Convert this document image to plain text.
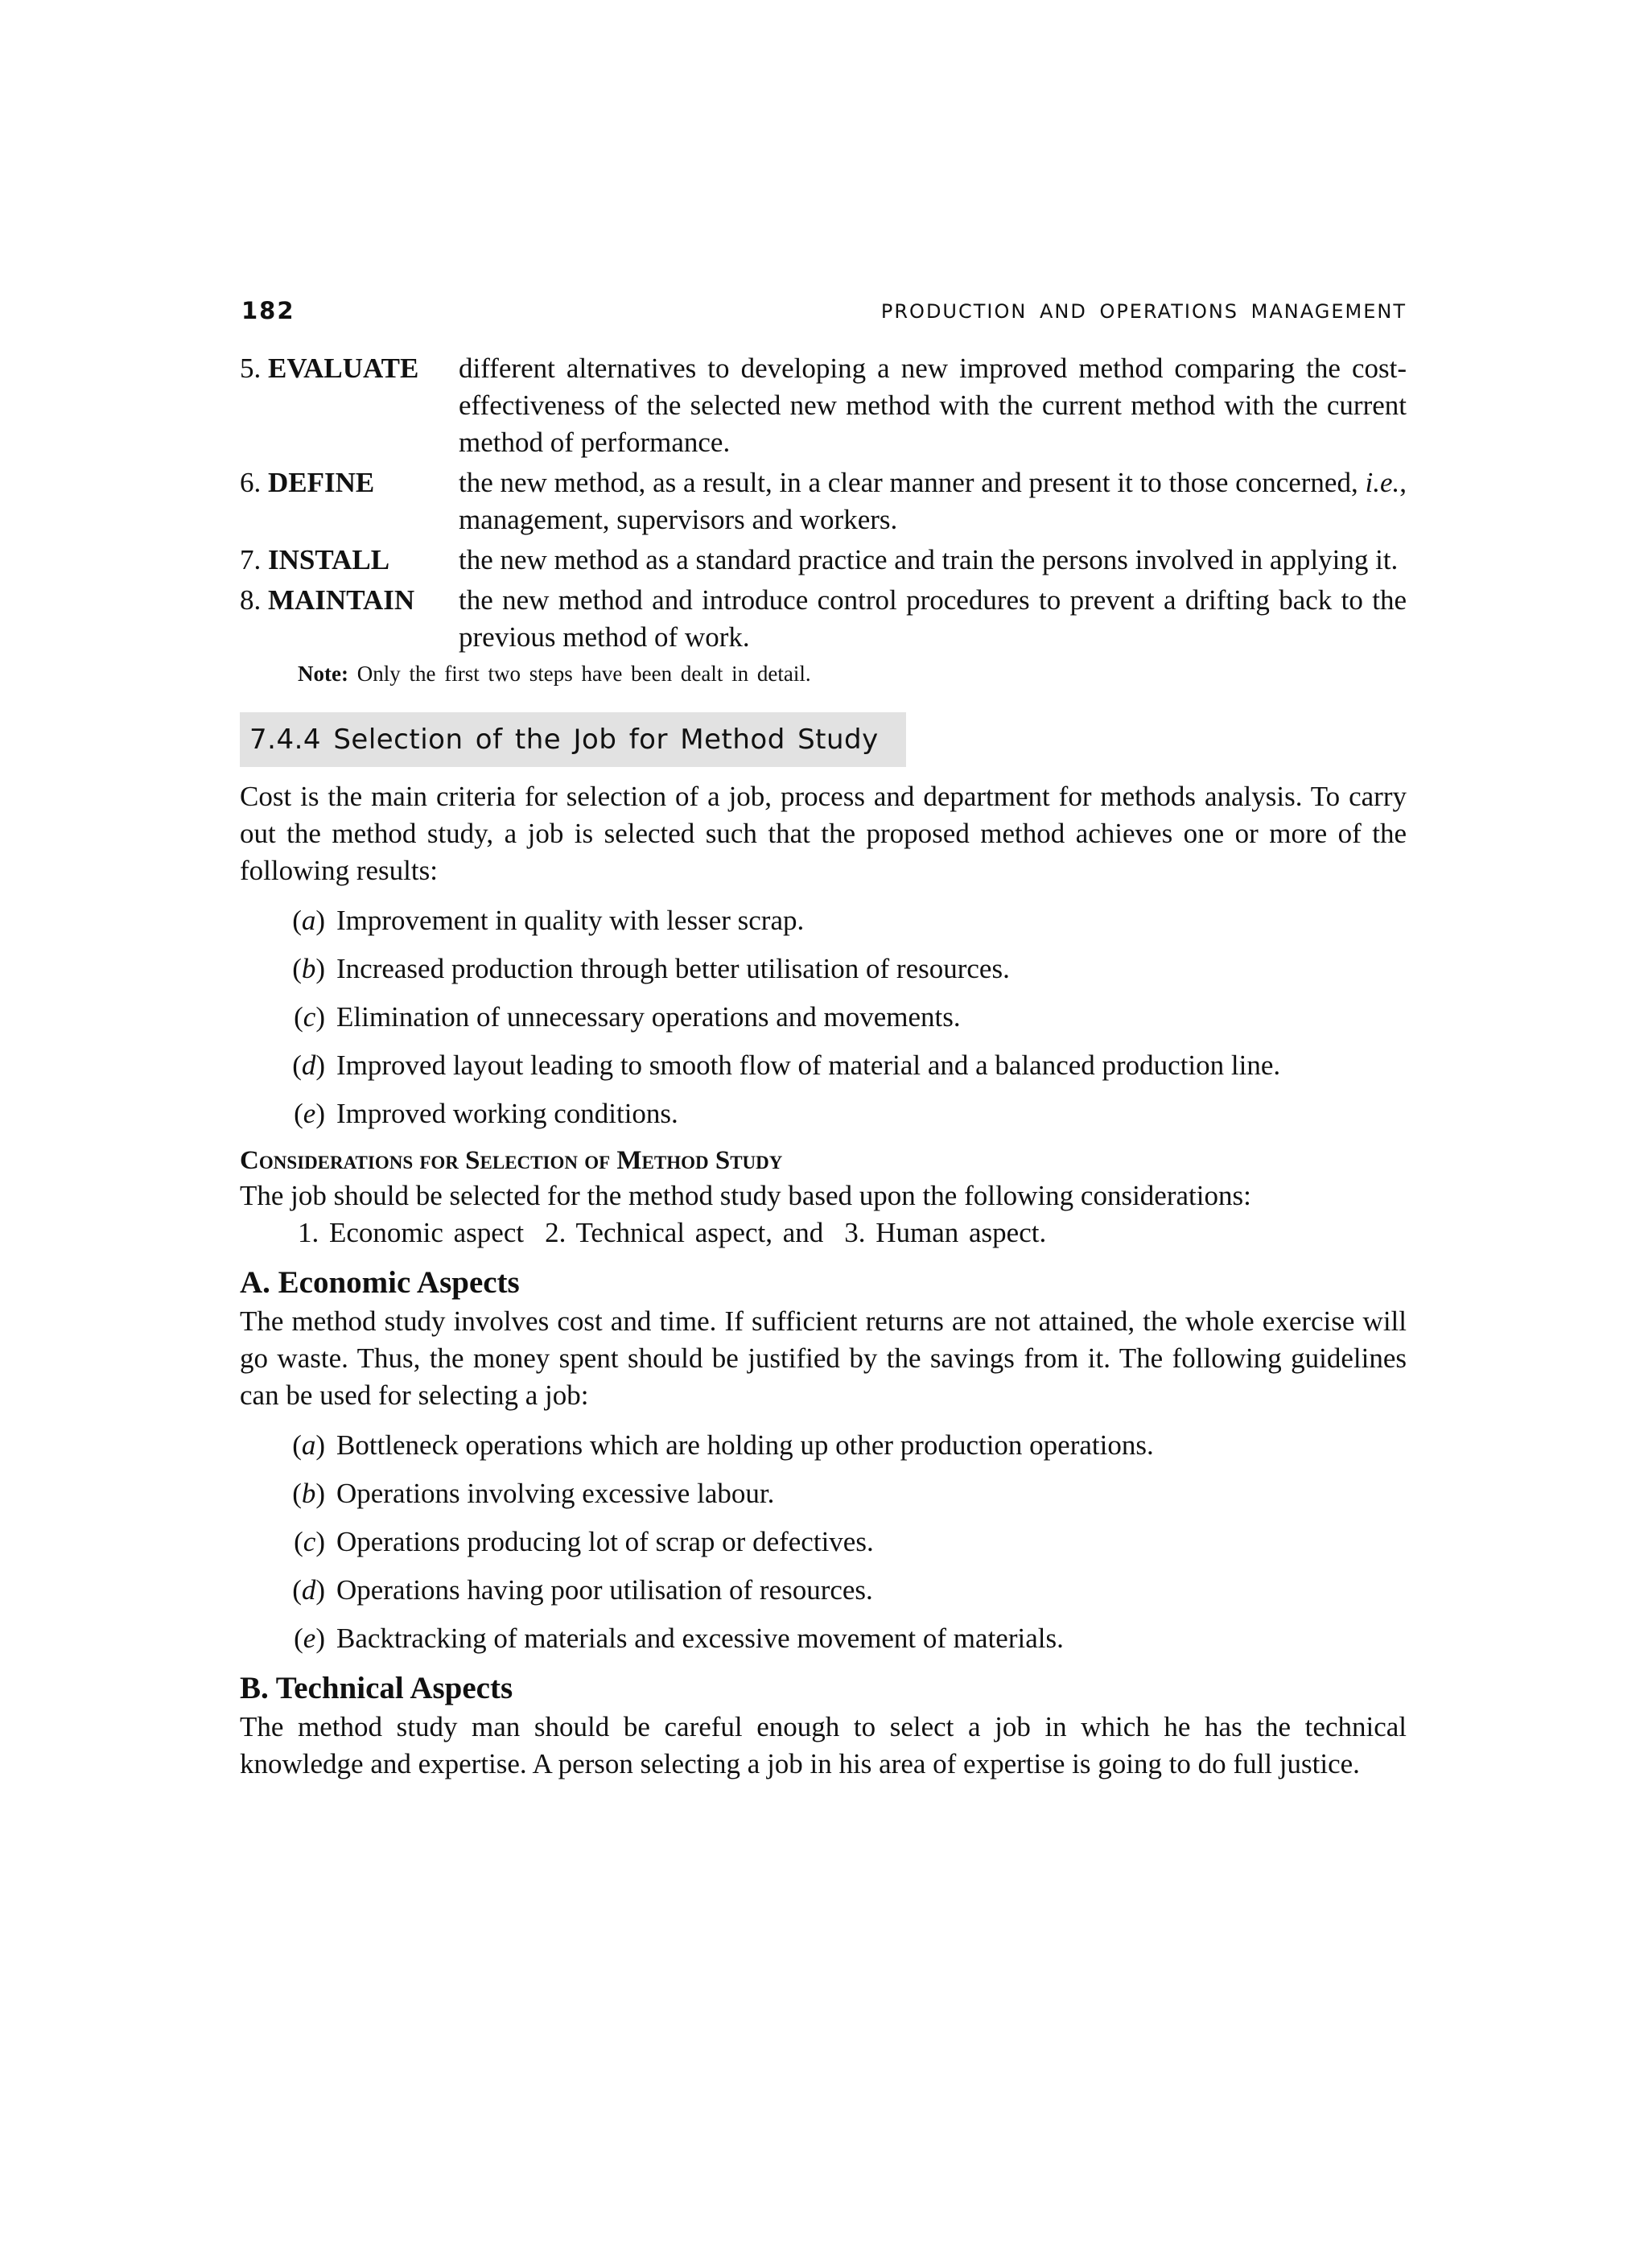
182	PRODUCTION AND OPERATIONS MANAGEMENT
5. EVALUATE	different alternatives to developing a new improved method comparing the cost-effectiveness of the selected new method with the current method with the current method of performance.
6. DEFINE	the new method, as a result, in a clear manner and present it to those concerned, i.e., management, supervisors and workers.
7. INSTALL	the new method as a standard practice and train the persons involved in applying it.
8. MAINTAIN	the new method and introduce control procedures to prevent a drifting back to the previous method of work.
Note: Only the first two steps have been dealt in detail.
7.4.4 Selection of the Job for Method Study

Cost is the main criteria for selection of a job, process and department for methods analysis. To carry out the method study, a job is selected such that the proposed method achieves one or more of the following results:

(a) Improvement in quality with lesser scrap.
(b) Increased production through better utilisation of resources.
(c) Elimination of unnecessary operations and movements.
(d) Improved layout leading to smooth flow of material and a balanced production line.
(e) Improved working conditions.
Considerations for Selection of Method Study

The job should be selected for the method study based upon the following considerations:

1. Economic aspect 2. Technical aspect, and 3. Human aspect.
A. Economic Aspects

The method study involves cost and time. If sufficient returns are not attained, the whole exercise will go waste. Thus, the money spent should be justified by the savings from it. The following guidelines can be used for selecting a job:

(a) Bottleneck operations which are holding up other production operations.
(b) Operations involving excessive labour.
(c) Operations producing lot of scrap or defectives.
(d) Operations having poor utilisation of resources.
(e) Backtracking of materials and excessive movement of materials.
B. Technical Aspects

The method study man should be careful enough to select a job in which he has the technical knowledge and expertise. A person selecting a job in his area of expertise is going to do full justice.
